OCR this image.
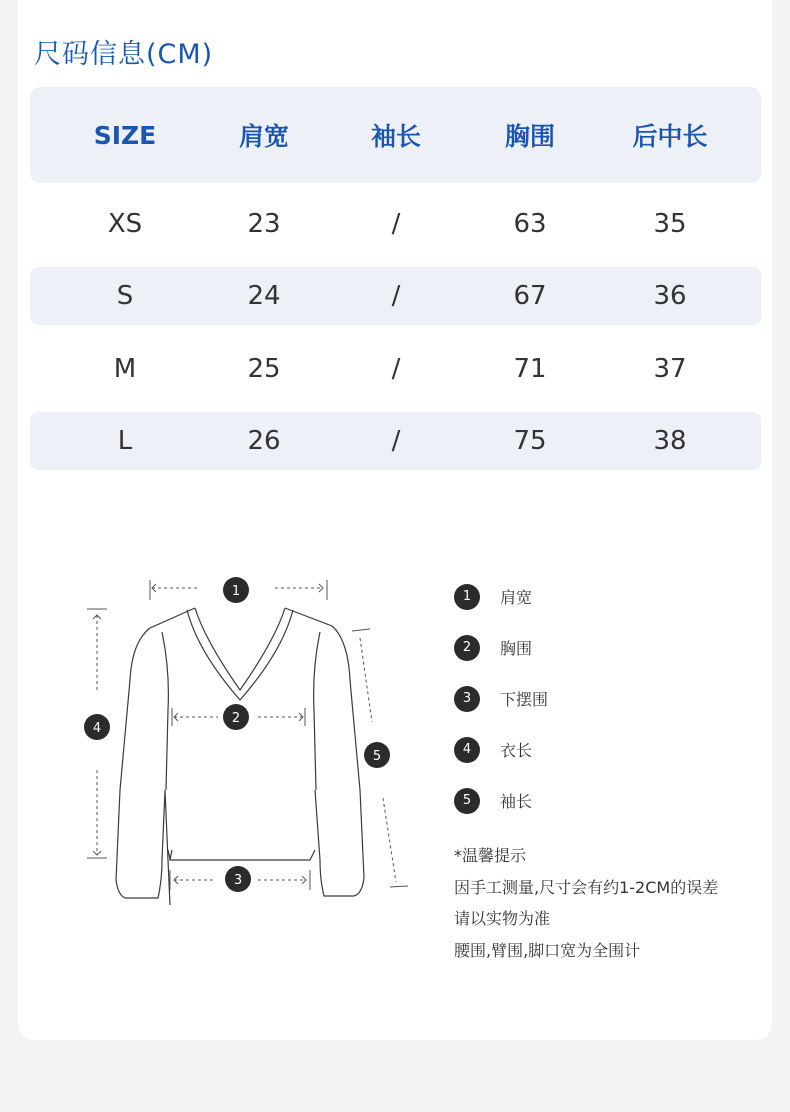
尺码信息(CM)
SIZE	肩宽	袖长	胸围	后中长
XS	23	/	63	35
S	24	/	67	36
M	25	/	71	37
L	26	/	75	38
1
2
3
4
5
1	肩宽
2	胸围
3	下摆围
4	衣长
5	袖长
*温馨提示
因手工测量,尺寸会有约1-2CM的误差
请以实物为准
腰围,臂围,脚口宽为全围计
